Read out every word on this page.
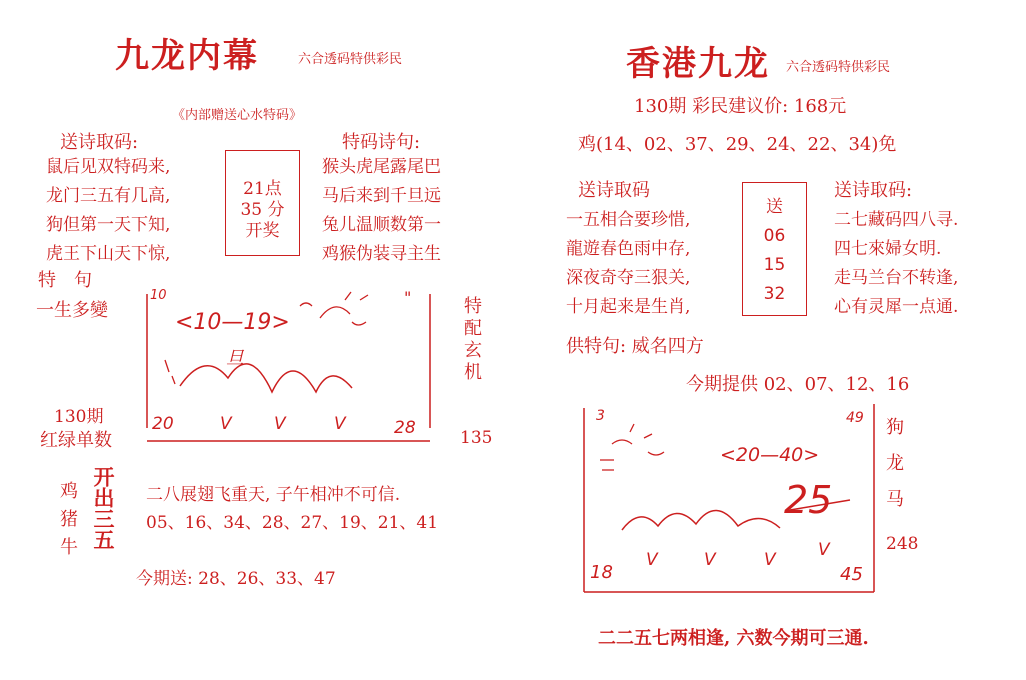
九龙内幕	六合透码特供彩民
《内部赠送心水特码》
送诗取码:
鼠后见双特码来,
龙门三五有几高,
狗但第一天下知,
虎王下山天下惊,
21点
35 分
开奖
特码诗句:
猴头虎尾露尾巴
马后来到千旦远
兔儿温顺数第一
鸡猴伪装寻主生
特　句
一生多變
10
<10—19>
旦
"
20	V V	V	28
特配玄机
130期
红绿单数	135
鸡
猪
牛 开出三五 二八展翅飞重天, 子午相冲不可信.
05、16、34、28、27、19、21、41
今期送: 28、26、33、47
香港九龙 六合透码特供彩民
130期 彩民建议价: 168元
鸡(14、02、37、29、24、22、34)免
送诗取码
一五相合要珍惜,
龍遊春色雨中存,
深夜奇夺三狠关,
十月起来是生肖,
送
06
15
32
送诗取码:
二七藏码四八寻.
四七來婦女明.
走马兰台不转逢,
心有灵犀一点通.
供特句: 威名四方
今期提供 02、07、12、16
3	49
<20—40>
25
18	45
V	V	V V
狗
龙
马
248
二二五七两相逢, 六数今期可三通.
